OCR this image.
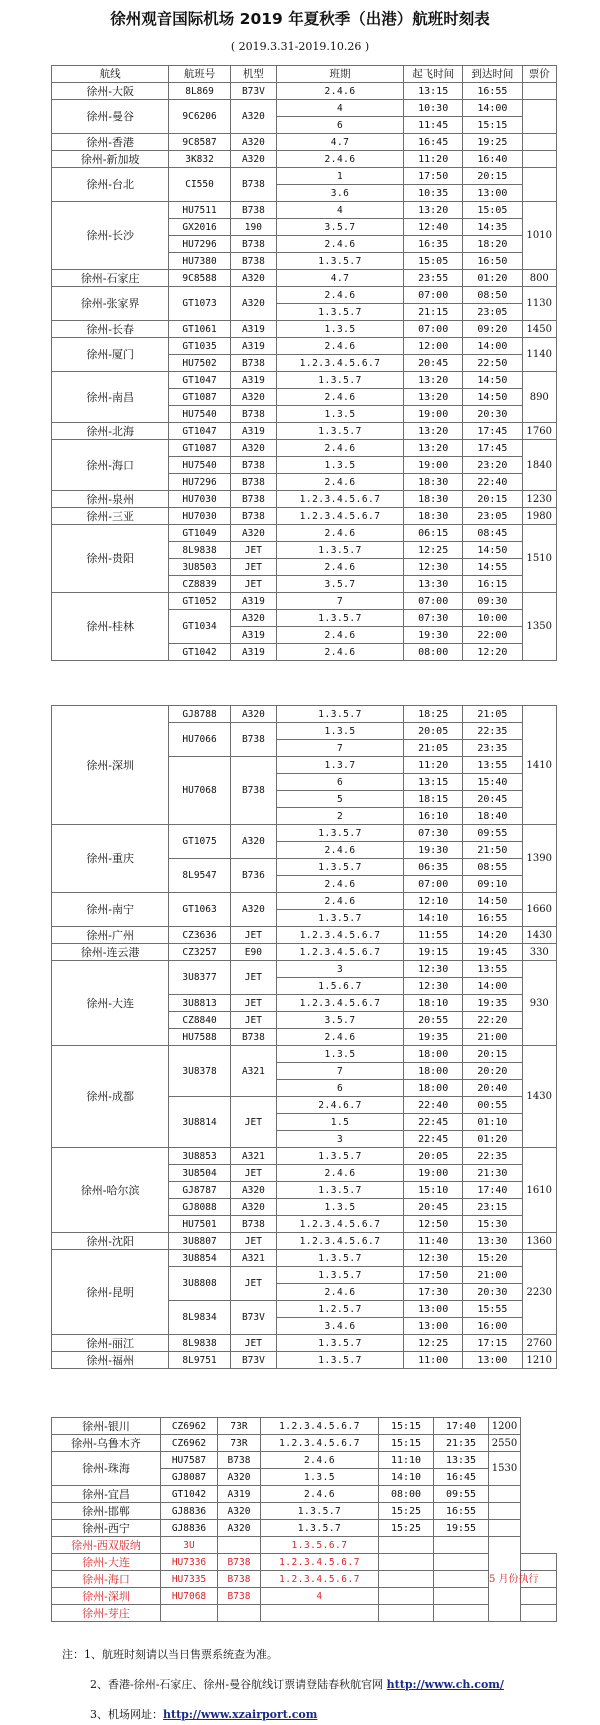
徐州观音国际机场 2019 年夏秋季（出港）航班时刻表
( 2019.3.31-2019.10.26 )
航线	航班号	机型	班期	起飞时间	到达时间	票价
徐州-大阪	8L869	B73V	2.4.6	13:15	16:55	
徐州-曼谷	9C6206	A320	4	10:30	14:00	
			6	11:45	15:15	
徐州-香港	9C8587	A320	4.7	16:45	19:25	
徐州-新加坡	3K832	A320	2.4.6	11:20	16:40	
徐州-台北	CI550	B738	1	17:50	20:15	
			3.6	10:35	13:00	
徐州-长沙	HU7511	B738	4	13:20	15:05	1010
	GX2016	190	3.5.7	12:40	14:35	
	HU7296	B738	2.4.6	16:35	18:20	
	HU7380	B738	1.3.5.7	15:05	16:50	
徐州-石家庄	9C8588	A320	4.7	23:55	01:20	800
徐州-张家界	GT1073	A320	2.4.6	07:00	08:50	1130
			1.3.5.7	21:15	23:05	
徐州-长春	GT1061	A319	1.3.5	07:00	09:20	1450
徐州-厦门	GT1035	A319	2.4.6	12:00	14:00	1140
	HU7502	B738	1.2.3.4.5.6.7	20:45	22:50	
徐州-南昌	GT1047	A319	1.3.5.7	13:20	14:50	890
	GT1087	A320	2.4.6	13:20	14:50	
	HU7540	B738	1.3.5	19:00	20:30	
徐州-北海	GT1047	A319	1.3.5.7	13:20	17:45	1760
徐州-海口	GT1087	A320	2.4.6	13:20	17:45	1840
	HU7540	B738	1.3.5	19:00	23:20	
	HU7296	B738	2.4.6	18:30	22:40	
徐州-泉州	HU7030	B738	1.2.3.4.5.6.7	18:30	20:15	1230
徐州-三亚	HU7030	B738	1.2.3.4.5.6.7	18:30	23:05	1980
徐州-贵阳	GT1049	A320	2.4.6	06:15	08:45	1510
	8L9838	JET	1.3.5.7	12:25	14:50	
	3U8503	JET	2.4.6	12:30	14:55	
	CZ8839	JET	3.5.7	13:30	16:15	
徐州-桂林	GT1052	A319	7	07:00	09:30	1350
	GT1034	A320	1.3.5.7	07:30	10:00	
		A319	2.4.6	19:30	22:00	
	GT1042	A319	2.4.6	08:00	12:20	
徐州-深圳	GJ8788	A320	1.3.5.7	18:25	21:05	1410
	HU7066	B738	1.3.5	20:05	22:35	
			7	21:05	23:35	
	HU7068	B738	1.3.7	11:20	13:55	
			6	13:15	15:40	
			5	18:15	20:45	
			2	16:10	18:40	

徐州-重庆	GT1075	A320	1.3.5.7	07:30	09:55	1390
			2.4.6	19:30	21:50	
	8L9547	B736	1.3.5.7	06:35	08:55	
			2.4.6	07:00	09:10	
徐州-南宁	GT1063	A320	2.4.6	12:10	14:50	1660
			1.3.5.7	14:10	16:55	
徐州-广州	CZ3636	JET	1.2.3.4.5.6.7	11:55	14:20	1430
徐州-连云港	CZ3257	E90	1.2.3.4.5.6.7	19:15	19:45	330
徐州-大连	3U8377	JET	3	12:30	13:55	930
			1.5.6.7	12:30	14:00	
	3U8813	JET	1.2.3.4.5.6.7	18:10	19:35	
	CZ8840	JET	3.5.7	20:55	22:20	
	HU7588	B738	2.4.6	19:35	21:00	
徐州-成都	3U8378	A321	1.3.5	18:00	20:15	1430
			7	18:00	20:20	
			6	18:00	20:40	
	3U8814	JET	2.4.6.7	22:40	00:55	
			1.5	22:45	01:10	
			3	22:45	01:20	
徐州-哈尔滨	3U8853	A321	1.3.5.7	20:05	22:35	1610
	3U8504	JET	2.4.6	19:00	21:30	
	GJ8787	A320	1.3.5.7	15:10	17:40	
	GJ8088	A320	1.3.5	20:45	23:15	
	HU7501	B738	1.2.3.4.5.6.7	12:50	15:30	
徐州-沈阳	3U8807	JET	1.2.3.4.5.6.7	11:40	13:30	1360
徐州-昆明	3U8854	A321	1.3.5.7	12:30	15:20	2230
	3U8808	JET	1.3.5.7	17:50	21:00	
			2.4.6	17:30	20:30	
	8L9834	B73V	1.2.5.7	13:00	15:55	
			3.4.6	13:00	16:00	
徐州-丽江	8L9838	JET	1.3.5.7	12:25	17:15	2760
徐州-福州	8L9751	B73V	1.3.5.7	11:00	13:00	1210
徐州-银川	CZ6962	73R	1.2.3.4.5.6.7	15:15	17:40	1200	
徐州-乌鲁木齐	CZ6962	73R	1.2.3.4.5.6.7	15:15	21:35	2550	
徐州-珠海	HU7587	B738	2.4.6	11:10	13:35	1530	
	GJ8087	A320	1.3.5	14:10	16:45		
徐州-宜昌	GT1042	A319	2.4.6	08:00	09:55		
徐州-邯郸	GJ8836	A320	1.3.5.7	15:25	16:55		
徐州-西宁	GJ8836	A320	1.3.5.7	15:25	19:55		
徐州-西双版纳	3U		1.3.5.6.7			5 月份执行	
徐州-大连	HU7336	B738	1.2.3.4.5.6.7				
徐州-海口	HU7335	B738	1.2.3.4.5.6.7				
徐州-深圳	HU7068	B738	4				
徐州-芽庄							
注：1、航班时刻请以当日售票系统查为准。
2、香港-徐州-石家庄、徐州-曼谷航线订票请登陆春秋航官网 http://www.ch.com/
3、机场网址：http://www.xzairport.com
